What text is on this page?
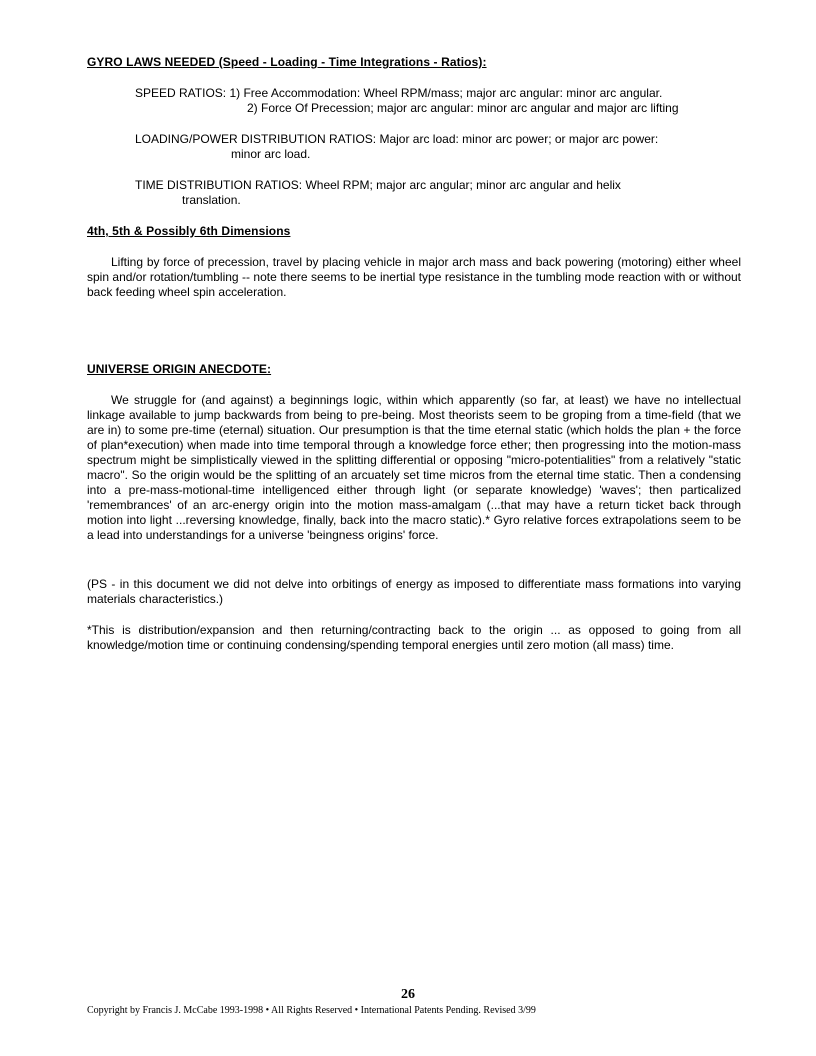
GYRO LAWS NEEDED (Speed - Loading - Time Integrations - Ratios):
SPEED RATIOS: 1) Free Accommodation: Wheel RPM/mass; major arc angular: minor arc angular.
2) Force Of Precession; major arc angular: minor arc angular and major arc lifting
LOADING/POWER DISTRIBUTION RATIOS: Major arc load: minor arc power; or major arc power:
minor arc load.
TIME DISTRIBUTION RATIOS: Wheel RPM; major arc angular; minor arc angular and helix
translation.
4th, 5th & Possibly 6th Dimensions
Lifting by force of precession, travel by placing vehicle in major arch mass and back powering (motoring) either wheel spin and/or rotation/tumbling -- note there seems to be inertial type resistance in the tumbling mode reaction with or without back feeding wheel spin acceleration.
UNIVERSE ORIGIN ANECDOTE:
We struggle for (and against) a beginnings logic, within which apparently (so far, at least) we have no intellectual linkage available to jump backwards from being to pre-being. Most theorists seem to be groping from a time-field (that we are in) to some pre-time (eternal) situation. Our presumption is that the time eternal static (which holds the plan + the force of plan*execution) when made into time temporal through a knowledge force ether; then progressing into the motion-mass spectrum might be simplistically viewed in the splitting differential or opposing "micro-potentialities" from a relatively "static macro". So the origin would be the splitting of an arcuately set time micros from the eternal time static. Then a condensing into a pre-mass-motional-time intelligenced either through light (or separate knowledge) 'waves'; then particalized 'remembrances' of an arc-energy origin into the motion mass-amalgam (...that may have a return ticket back through motion into light ...reversing knowledge, finally, back into the macro static).* Gyro relative forces extrapolations seem to be a lead into understandings for a universe 'beingness origins' force.
(PS - in this document we did not delve into orbitings of energy as imposed to differentiate mass formations into varying materials characteristics.)
*This is distribution/expansion and then returning/contracting back to the origin ... as opposed to going from all knowledge/motion time or continuing condensing/spending temporal energies until zero motion (all mass) time.
26
Copyright by Francis J. McCabe 1993-1998 • All Rights Reserved • International Patents Pending. Revised 3/99
